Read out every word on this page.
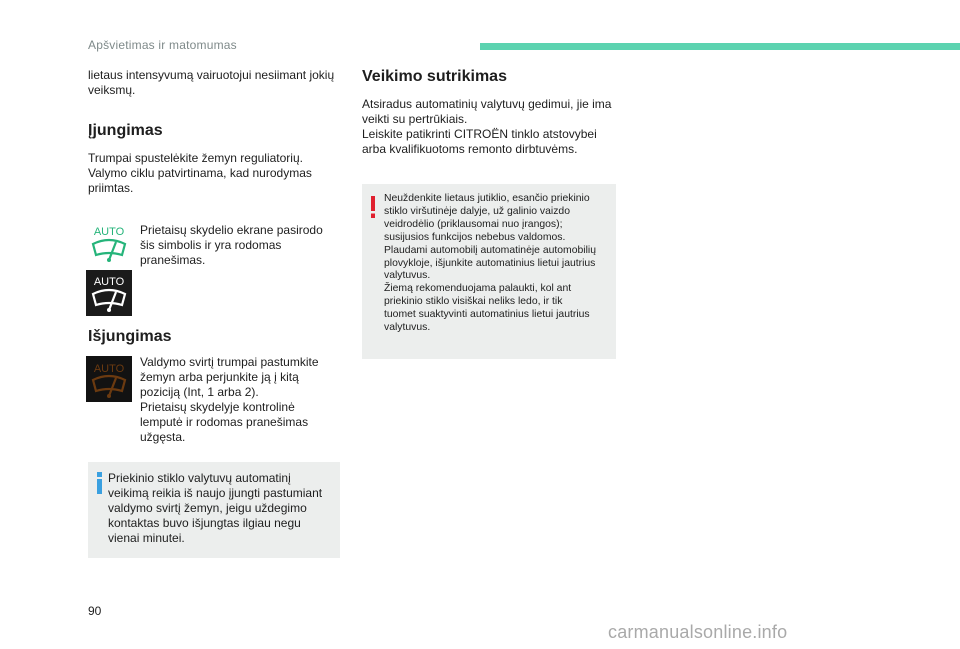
Apšvietimas ir matomumas
lietaus intensyvumą vairuotojui nesiimant jokių
veiksmų.
Įjungimas
Trumpai spustelėkite žemyn reguliatorių.
Valymo ciklu patvirtinama, kad nurodymas
priimtas.
AUTO
AUTO
Prietaisų skydelio ekrane pasirodo
šis simbolis ir yra rodomas
pranešimas.
Išjungimas
AUTO Valdymo svirtį trumpai pastumkite
žemyn arba perjunkite ją į kitą
poziciją (Int, 1 arba 2).
Prietaisų skydelyje kontrolinė
lemputė ir rodomas pranešimas
užgęsta.
Priekinio stiklo valytuvų automatinį
veikimą reikia iš naujo įjungti pastumiant
valdymo svirtį žemyn, jeigu uždegimo
kontaktas buvo išjungtas ilgiau negu
vienai minutei.
Veikimo sutrikimas
Atsiradus automatinių valytuvų gedimui, jie ima
veikti su pertrūkiais.
Leiskite patikrinti CITROËN tinklo atstovybei
arba kvalifikuotoms remonto dirbtuvėms.
Neuždenkite lietaus jutiklio, esančio priekinio
stiklo viršutinėje dalyje, už galinio vaizdo
veidrodėlio (priklausomai nuo įrangos);
susijusios funkcijos nebebus valdomos.
Plaudami automobilį automatinėje automobilių
plovykloje, išjunkite automatinius lietui jautrius
valytuvus.
Žiemą rekomenduojama palaukti, kol ant
priekinio stiklo visiškai neliks ledo, ir tik
tuomet suaktyvinti automatinius lietui jautrius
valytuvus.
90
carmanualsonline.info
